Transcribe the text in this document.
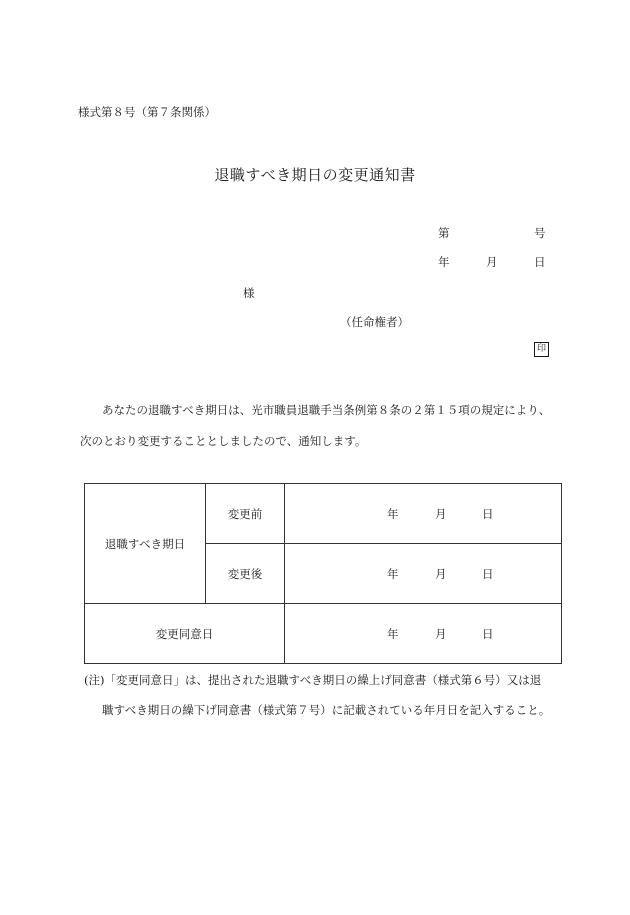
様式第８号（第７条関係）
退職すべき期日の変更通知書
第	号
年	月	日
様
（任命権者）
印
あなたの退職すべき期日は、光市職員退職手当条例第８条の２第１５項の規定により、
次のとおり変更することとしましたので、通知します。
退職すべき期日	変更前	年 月 日

	変更後	年 月 日

変更同意日		年 月 日
(注)「変更同意日」は、提出された退職すべき期日の繰上げ同意書（様式第６号）又は退
職すべき期日の繰下げ同意書（様式第７号）に記載されている年月日を記入すること。
